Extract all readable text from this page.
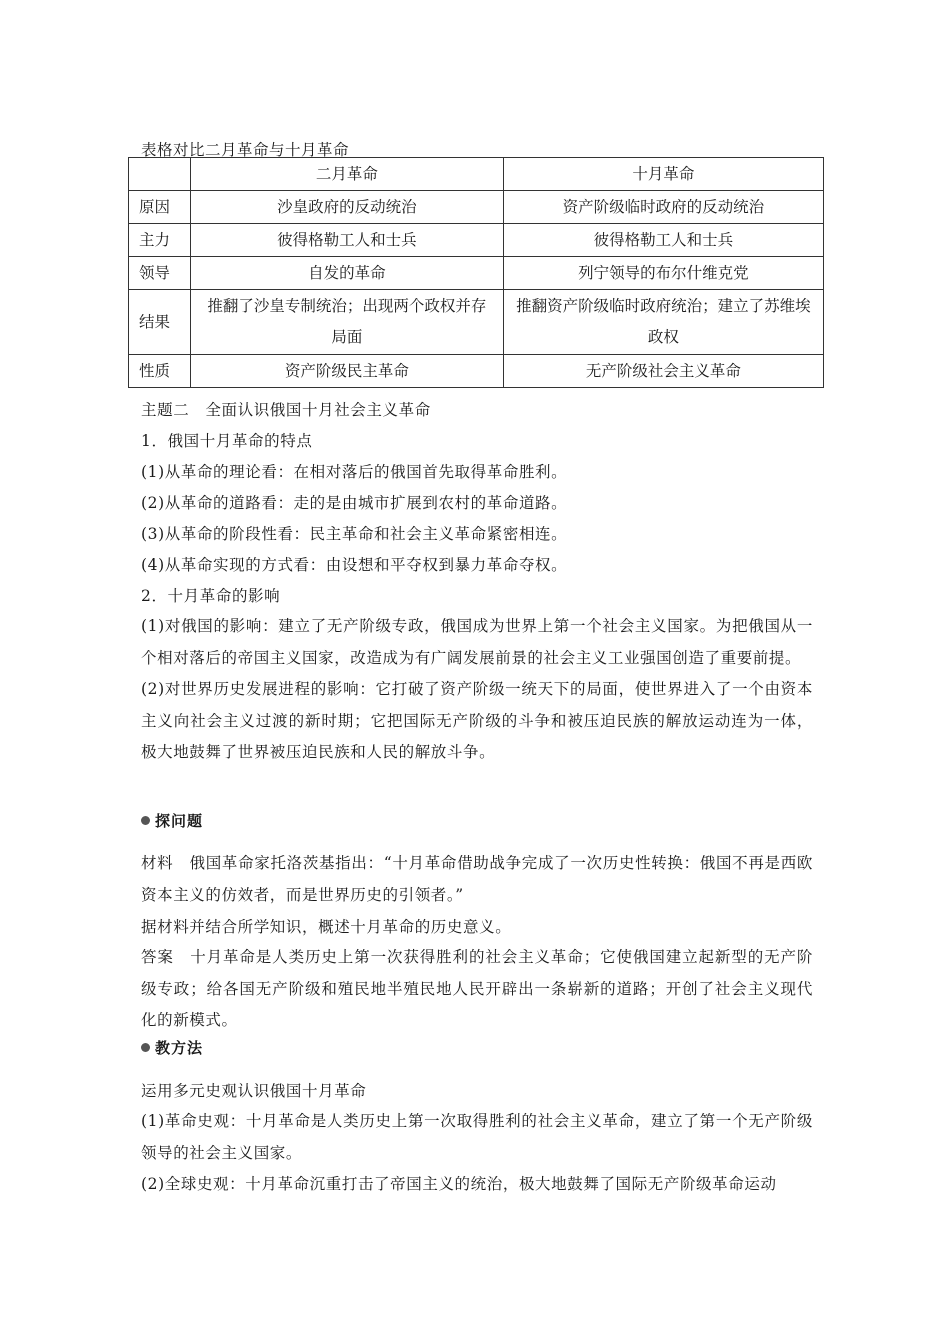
表格对比二月革命与十月革命
	二月革命	十月革命
原因	沙皇政府的反动统治	资产阶级临时政府的反动统治
主力	彼得格勒工人和士兵	彼得格勒工人和士兵
领导	自发的革命	列宁领导的布尔什维克党
结果	推翻了沙皇专制统治；出现两个政权并存局面	推翻资产阶级临时政府统治；建立了苏维埃政权
性质	资产阶级民主革命	无产阶级社会主义革命
主题二　全面认识俄国十月社会主义革命
1．俄国十月革命的特点
(1)从革命的理论看：在相对落后的俄国首先取得革命胜利。
(2)从革命的道路看：走的是由城市扩展到农村的革命道路。
(3)从革命的阶段性看：民主革命和社会主义革命紧密相连。
(4)从革命实现的方式看：由设想和平夺权到暴力革命夺权。
2．十月革命的影响
(1)对俄国的影响：建立了无产阶级专政，俄国成为世界上第一个社会主义国家。为把俄国从一个相对落后的帝国主义国家，改造成为有广阔发展前景的社会主义工业强国创造了重要前提。
(2)对世界历史发展进程的影响：它打破了资产阶级一统天下的局面，使世界进入了一个由资本主义向社会主义过渡的新时期；它把国际无产阶级的斗争和被压迫民族的解放运动连为一体，极大地鼓舞了世界被压迫民族和人民的解放斗争。
探问题
材料　俄国革命家托洛茨基指出：“十月革命借助战争完成了一次历史性转换：俄国不再是西欧资本主义的仿效者，而是世界历史的引领者。”
据材料并结合所学知识，概述十月革命的历史意义。
答案　十月革命是人类历史上第一次获得胜利的社会主义革命；它使俄国建立起新型的无产阶级专政；给各国无产阶级和殖民地半殖民地人民开辟出一条崭新的道路；开创了社会主义现代化的新模式。
教方法
运用多元史观认识俄国十月革命
(1)革命史观：十月革命是人类历史上第一次取得胜利的社会主义革命，建立了第一个无产阶级领导的社会主义国家。
(2)全球史观：十月革命沉重打击了帝国主义的统治，极大地鼓舞了国际无产阶级革命运动
